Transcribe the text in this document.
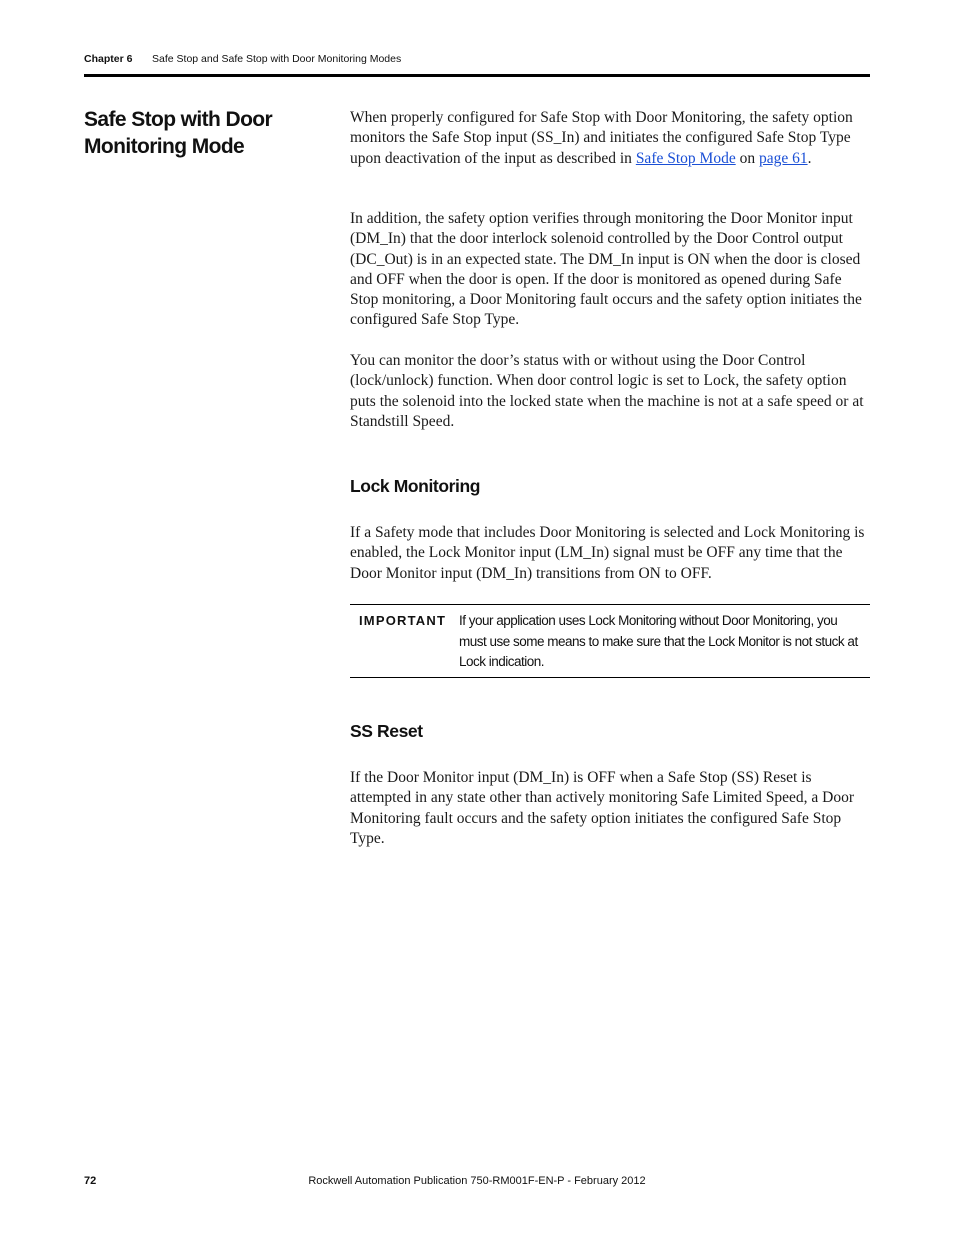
Chapter 6 Safe Stop and Safe Stop with Door Monitoring Modes
Safe Stop with Door Monitoring Mode

When properly configured for Safe Stop with Door Monitoring, the safety option monitors the Safe Stop input (SS_In) and initiates the configured Safe Stop Type upon deactivation of the input as described in Safe Stop Mode on page 61.

In addition, the safety option verifies through monitoring the Door Monitor input (DM_In) that the door interlock solenoid controlled by the Door Control output (DC_Out) is in an expected state. The DM_In input is ON when the door is closed and OFF when the door is open. If the door is monitored as opened during Safe Stop monitoring, a Door Monitoring fault occurs and the safety option initiates the configured Safe Stop Type.

You can monitor the door’s status with or without using the Door Control (lock/unlock) function. When door control logic is set to Lock, the safety option puts the solenoid into the locked state when the machine is not at a safe speed or at Standstill Speed.

Lock Monitoring

If a Safety mode that includes Door Monitoring is selected and Lock Monitoring is enabled, the Lock Monitor input (LM_In) signal must be OFF any time that the Door Monitor input (DM_In) transitions from ON to OFF.

IMPORTANT If your application uses Lock Monitoring without Door Monitoring, you must use some means to make sure that the Lock Monitor is not stuck at Lock indication.
SS Reset

If the Door Monitor input (DM_In) is OFF when a Safe Stop (SS) Reset is attempted in any state other than actively monitoring Safe Limited Speed, a Door Monitoring fault occurs and the safety option initiates the configured Safe Stop Type.

72	Rockwell Automation Publication 750-RM001F-EN-P - February 2012
